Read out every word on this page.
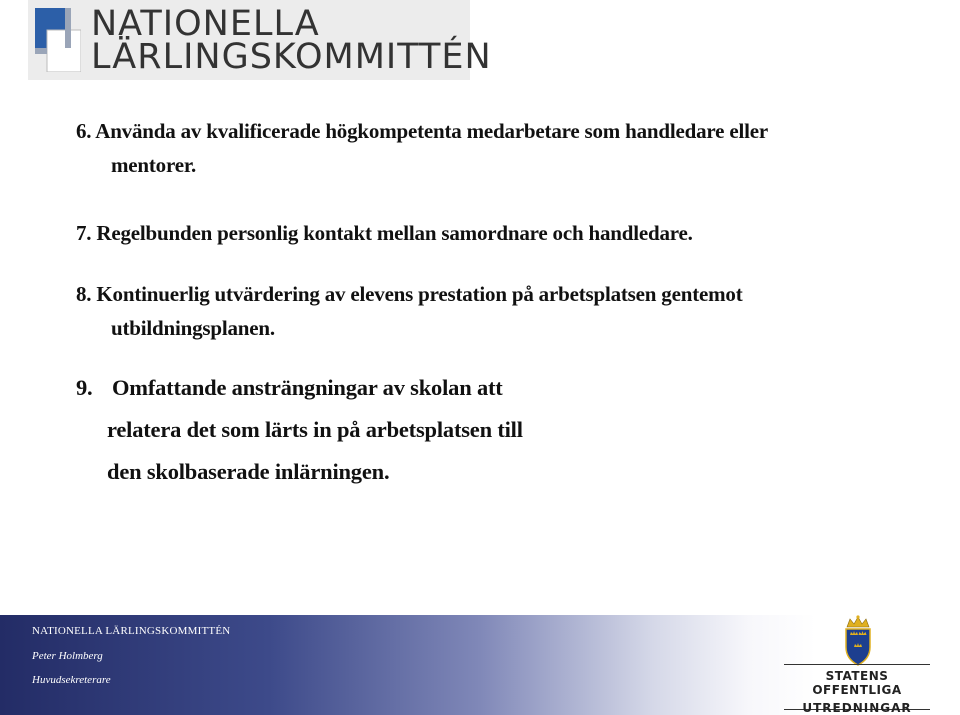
NATIONELLA
LÄRLINGSKOMMITTÉN
6. Använda av kvalificerade högkompetenta medarbetare som handledare eller
mentorer.
7. Regelbunden personlig kontakt mellan samordnare och handledare.
8. Kontinuerlig utvärdering av elevens prestation på arbetsplatsen gentemot
utbildningsplanen.
9. Omfattande ansträngningar av skolan att
relatera det som lärts in på arbetsplatsen till
den skolbaserade inlärningen.
NATIONELLA LÄRLINGSKOMMITTÉN
Peter Holmberg
Huvudsekreterare	STATENS OFFENTLIGA
UTREDNINGAR
